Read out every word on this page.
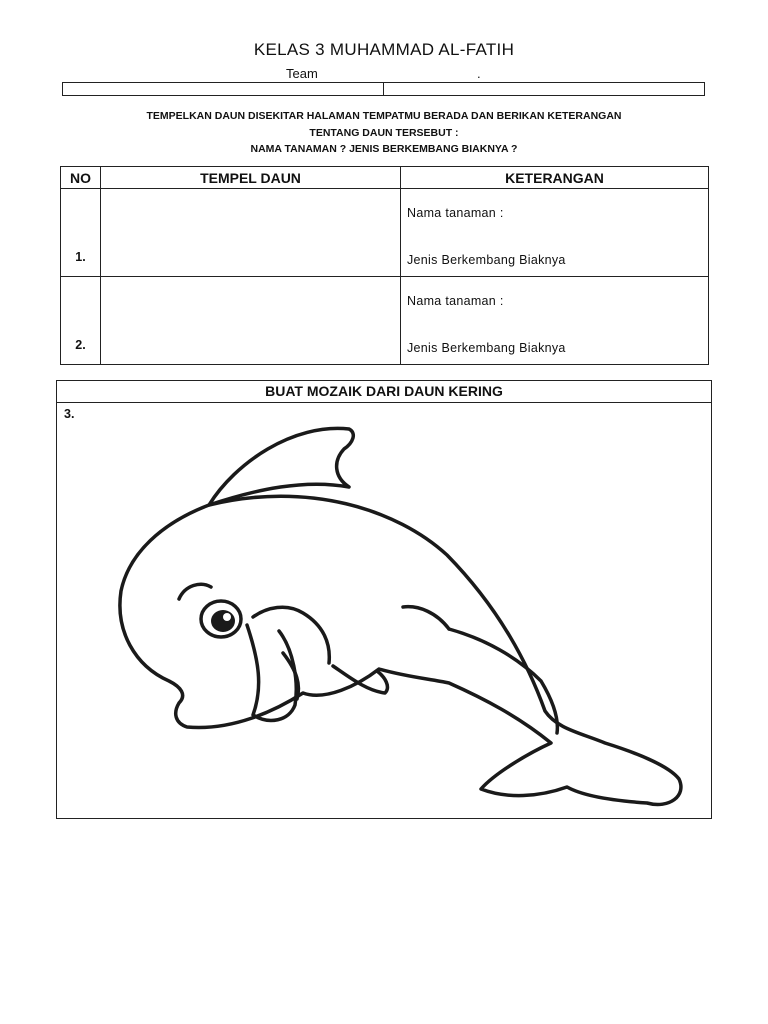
KELAS 3 MUHAMMAD AL-FATIH
Team	.
TEMPELKAN DAUN DISEKITAR HALAMAN TEMPATMU BERADA DAN BERIKAN KETERANGAN
TENTANG DAUN TERSEBUT :
NAMA TANAMAN ? JENIS BERKEMBANG BIAKNYA ?
NO	TEMPEL DAUN	KETERANGAN

1.		Nama tanaman :
Jenis Berkembang Biaknya

2.		Nama tanaman :
Jenis Berkembang Biaknya
BUAT MOZAIK DARI DAUN KERING
3.
